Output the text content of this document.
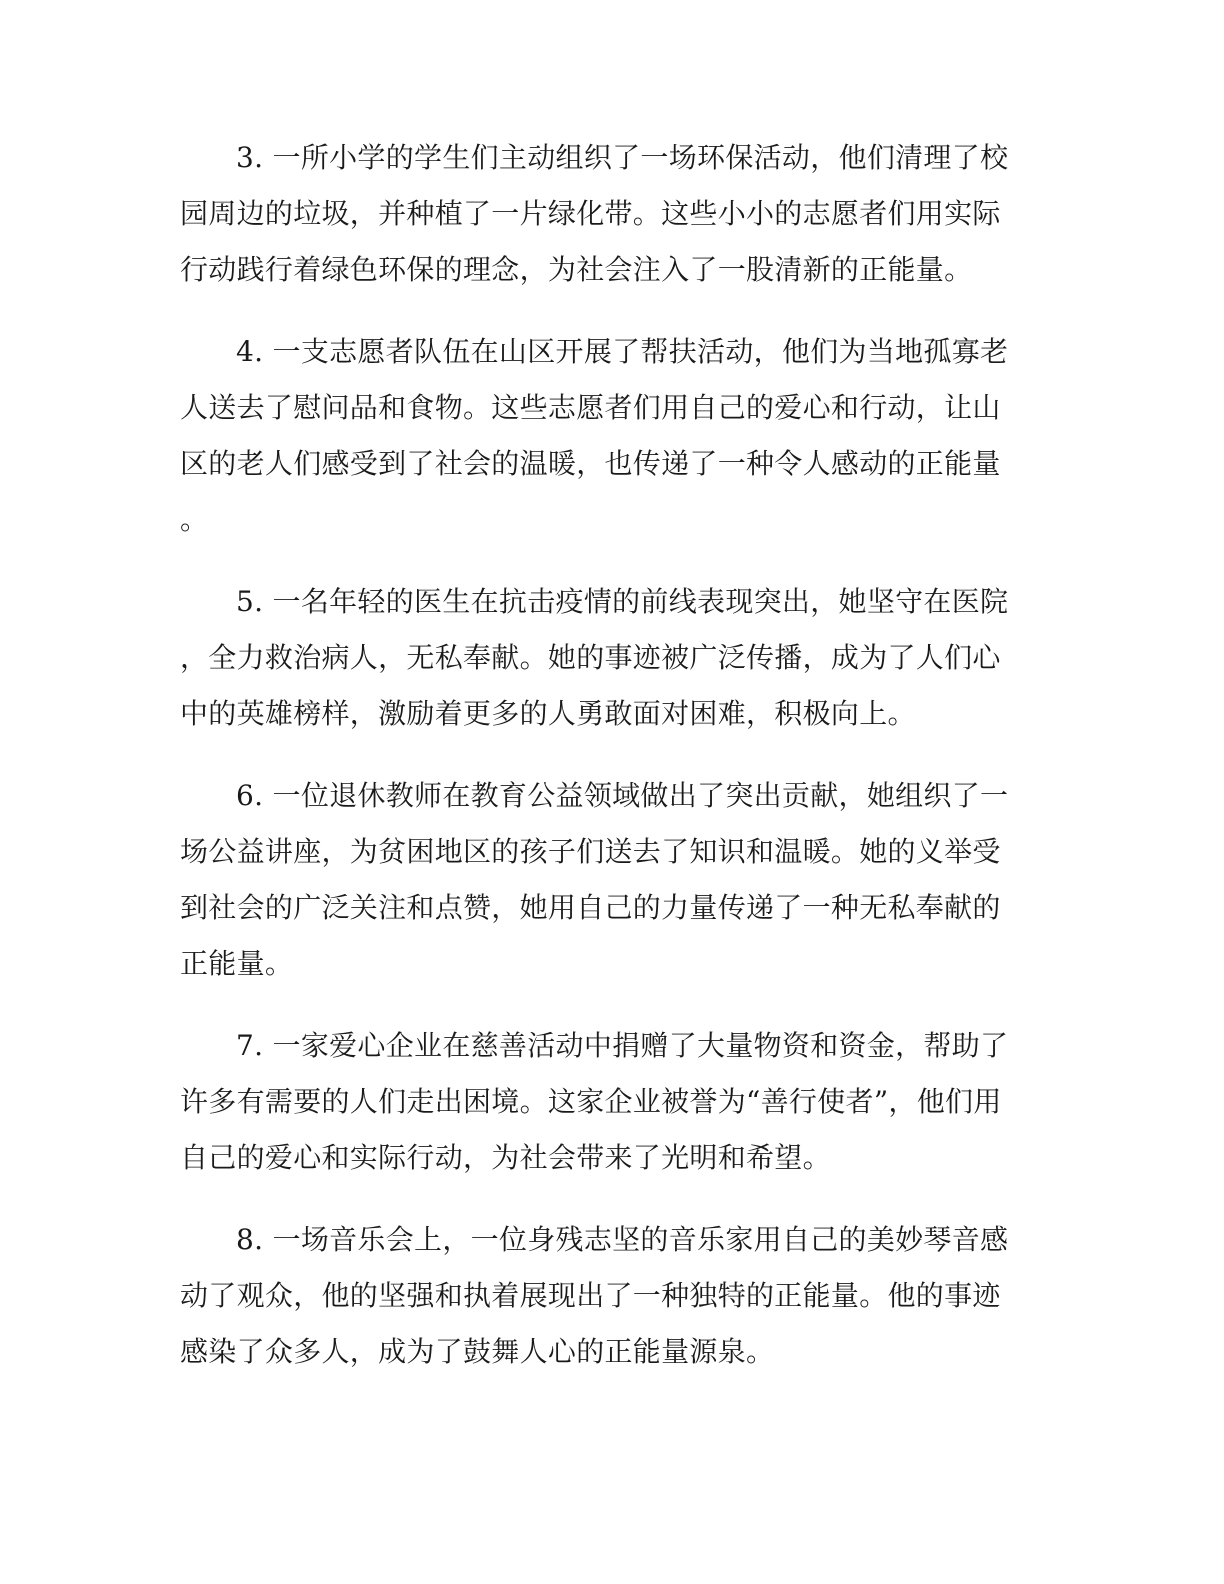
3. 一所小学的学生们主动组织了一场环保活动，他们清理了校园周边的垃圾，并种植了一片绿化带。这些小小的志愿者们用实际行动践行着绿色环保的理念，为社会注入了一股清新的正能量。

4. 一支志愿者队伍在山区开展了帮扶活动，他们为当地孤寡老人送去了慰问品和食物。这些志愿者们用自己的爱心和行动，让山区的老人们感受到了社会的温暖，也传递了一种令人感动的正能量。

5. 一名年轻的医生在抗击疫情的前线表现突出，她坚守在医院，全力救治病人，无私奉献。她的事迹被广泛传播，成为了人们心中的英雄榜样，激励着更多的人勇敢面对困难，积极向上。

6. 一位退休教师在教育公益领域做出了突出贡献，她组织了一场公益讲座，为贫困地区的孩子们送去了知识和温暖。她的义举受到社会的广泛关注和点赞，她用自己的力量传递了一种无私奉献的正能量。

7. 一家爱心企业在慈善活动中捐赠了大量物资和资金，帮助了许多有需要的人们走出困境。这家企业被誉为“善行使者”，他们用自己的爱心和实际行动，为社会带来了光明和希望。

8. 一场音乐会上，一位身残志坚的音乐家用自己的美妙琴音感动了观众，他的坚强和执着展现出了一种独特的正能量。他的事迹感染了众多人，成为了鼓舞人心的正能量源泉。
